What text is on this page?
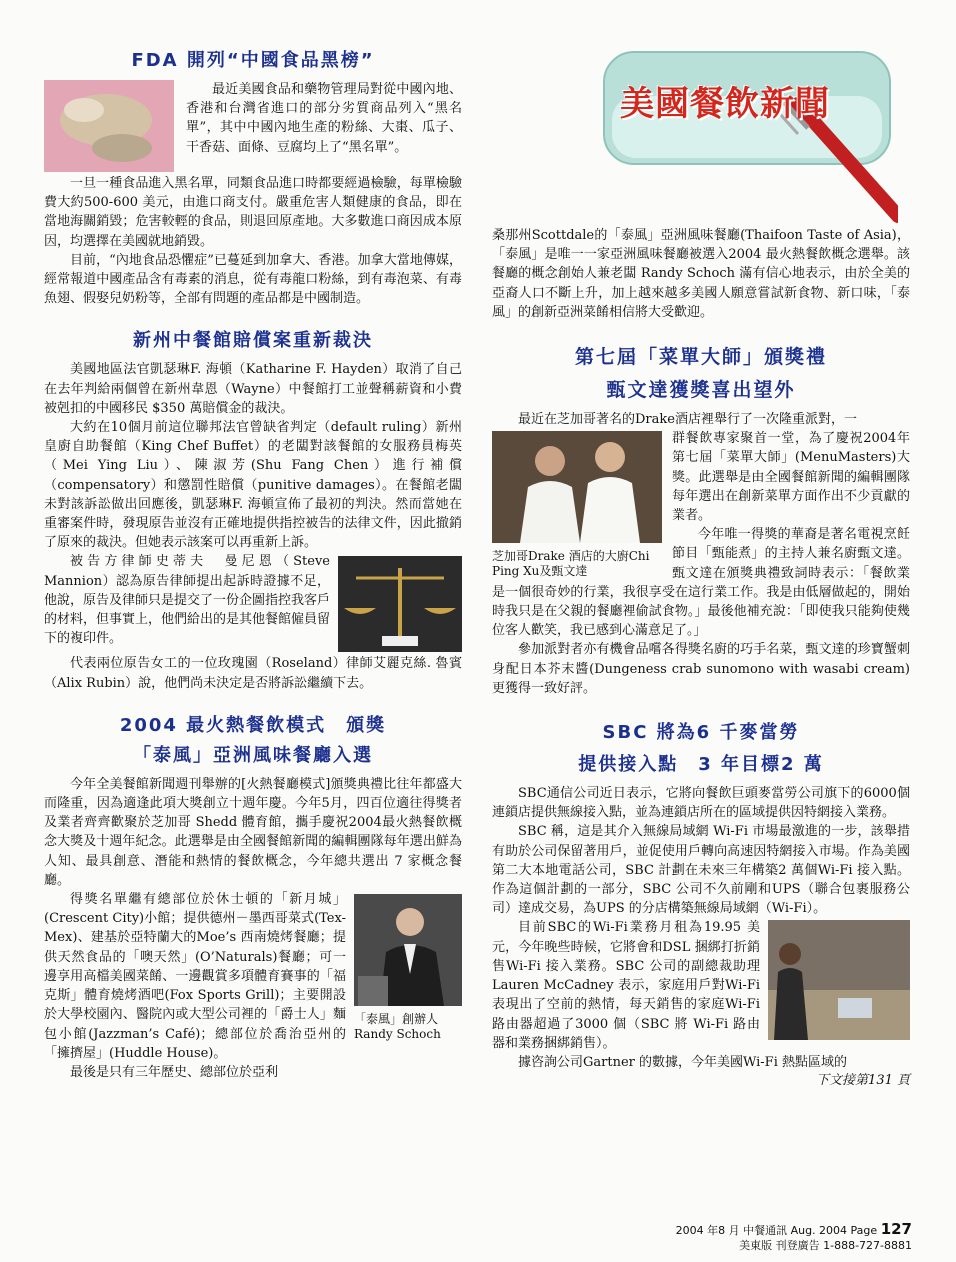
美國餐飲新聞
FDA 開列“中國食品黑榜”

最近美國食品和藥物管理局對從中國內地、香港和台灣省進口的部分劣質商品列入“黑名單”，其中中國內地生產的粉絲、大棗、瓜子、干香菇、面條、豆腐均上了“黑名單”。

一旦一種食品進入黑名單，同類食品進口時都要經過檢驗，每單檢驗費大約500-600 美元，由進口商支付。嚴重危害人類健康的食品，即在當地海關銷毀；危害較輕的食品，則退回原產地。大多數進口商因成本原因，均選擇在美國就地銷毀。

目前，“內地食品恐懼症”已蔓延到加拿大、香港。加拿大當地傳媒，經常報道中國產品含有毒素的消息，從有毒龍口粉絲，到有毒泡菜、有毒魚翅、假娶兒奶粉等，全部有問題的產品都是中國制造。

新州中餐館賠償案重新裁決

美國地區法官凱瑟琳F. 海頓（Katharine F. Hayden）取消了自己在去年判給兩個曾在新州韋恩（Wayne）中餐館打工並聲稱薪資和小費被剋扣的中國移民 $350 萬賠償金的裁決。

大約在10個月前這位聯邦法官曾缺省判定（default ruling）新州皇廚自助餐館（King Chef Buffet）的老闆對該餐館的女服務員梅英（Mei Ying Liu）、陳淑芳(Shu Fang Chen）進行補償（compensatory）和懲罰性賠償（punitive damages）。在餐館老闆未對該訴訟做出回應後，凱瑟琳F. 海頓宣佈了最初的判決。然而當她在重審案件時，發現原告並沒有正確地提供指控被告的法律文件，因此撤銷了原來的裁決。但她表示該案可以再重新上訴。

被告方律師史蒂夫　曼尼恩（Steve Mannion）認為原告律師提出起訴時證據不足，他說，原告及律師只是提交了一份企圖指控我客戶的材料，但事實上，他們給出的是其他餐館僱員留下的複印件。

代表兩位原告女工的一位玫瑰園（Roseland）律師艾麗克絲. 魯賓（Alix Rubin）說，他們尚未決定是否將訴訟繼續下去。

2004 最火熱餐飲模式　頒獎
「泰風」亞洲風味餐廳入選

今年全美餐館新聞週刊舉辦的[火熱餐廳模式]頒獎典禮比往年都盛大而隆重，因為適逢此項大獎創立十週年慶。今年5月，四百位適往得獎者及業者齊齊歡聚於芝加哥 Shedd 體育館，攜手慶祝2004最火熱餐飲概念大獎及十週年紀念。此選舉是由全國餐館新聞的編輯團隊每年選出鮮為人知、最具創意、潛能和熱情的餐飲概念，今年總共選出 7 家概念餐廳。

「泰風」創辦人Randy Schoch

得獎名單繼有總部位於休士頓的「新月城」(Crescent City)小館；提供德州－墨西哥菜式(Tex-Mex)、建基於亞特蘭大的Moe’s 西南燒烤餐廳；提供天然食品的「噢天然」(O’Naturals)餐廳；可一邊享用高檔美國菜餚、一邊觀賞多項體育賽事的「福克斯」體育燒烤酒吧(Fox Sports Grill)；主要開設於大學校園內、醫院內或大型公司裡的「爵士人」麵包小館(Jazzman’s Café)；總部位於喬治亞州的「擁擠屋」(Huddle House)。

最後是只有三年歷史、總部位於亞利

桑那州Scottdale的「泰風」亞洲風味餐廳(Thaifoon Taste of Asia)，「泰風」是唯一一家亞洲風味餐廳被選入2004 最火熱餐飲概念選舉。該餐廳的概念創始人兼老闆 Randy Schoch 滿有信心地表示，由於全美的亞裔人口不斷上升，加上越來越多美國人願意嘗試新食物、新口味，「泰風」的創新亞洲菜餚相信將大受歡迎。

第七屆「菜單大師」頒獎禮
甄文達獲獎喜出望外

最近在芝加哥著名的Drake酒店裡舉行了一次隆重派對，一

芝加哥Drake 酒店的大廚Chi Ping Xu及甄文達

群餐飲專家聚首一堂，為了慶祝2004年第七屆「菜單大師」(MenuMasters)大獎。此選舉是由全國餐館新聞的編輯團隊每年選出在創新菜單方面作出不少貢獻的業者。

今年唯一得獎的華裔是著名電視烹飪節目「甄能煮」的主持人兼名廚甄文達。甄文達在頒獎典禮致詞時表示：「餐飲業是一個很奇妙的行業，我很享受在這行業工作。我是由低層做起的，開始時我只是在父親的餐廳裡偷試食物。」最後他補充說：「即使我只能夠使幾位客人歡笑，我已感到心滿意足了。」

參加派對者亦有機會品嚐各得獎名廚的巧手名菜，甄文達的珍寶蟹刺身配日本芥末醬(Dungeness crab sunomono with wasabi cream)更獲得一致好評。

SBC 將為6 千麥當勞
提供接入點　3 年目標2 萬

SBC通信公司近日表示，它將向餐飲巨頭麥當勞公司旗下的6000個連鎖店提供無線接入點，並為連鎖店所在的區域提供因特網接入業務。

SBC 稱，這是其介入無線局域網 Wi-Fi 市場最激進的一步，該舉措有助於公司保留著用戶，並促使用戶轉向高速因特網接入市場。作為美國第二大本地電話公司，SBC 計劃在未來三年構築2 萬個Wi-Fi 接入點。作為這個計劃的一部分，SBC 公司不久前剛和UPS（聯合包裹服務公司）達成交易，為UPS 的分店構築無線局域網（Wi-Fi）。

目前SBC的Wi-Fi業務月租為19.95 美元，今年晚些時候，它將會和DSL 捆綁打折銷售Wi-Fi 接入業務。SBC 公司的副總裁助理Lauren McCadney 表示，家庭用戶對Wi-Fi 表現出了空前的熱情，每天銷售的家庭Wi-Fi 路由器超過了3000 個（SBC 將 Wi-Fi 路由器和業務捆綁銷售）。

據咨詢公司Gartner 的數據，今年美國Wi-Fi 熱點區域的

下文接第131 頁
2004 年8 月 中餐通訊 Aug. 2004 Page 127
美東版 刊登廣告 1-888-727-8881
